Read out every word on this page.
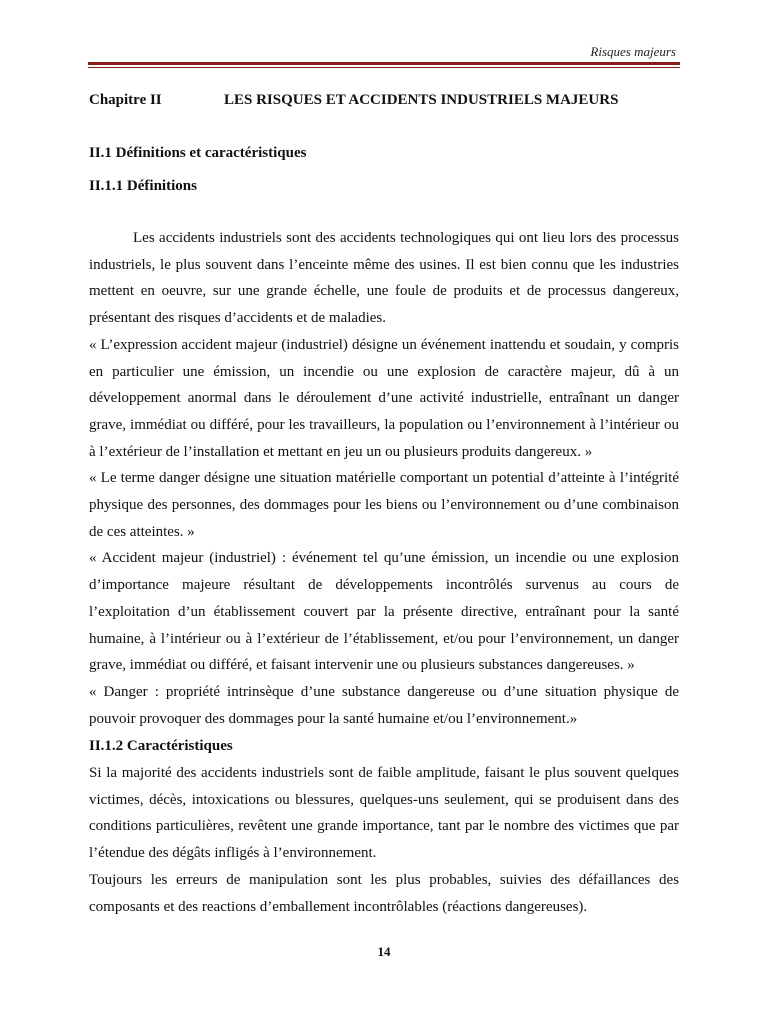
Risques majeurs
Chapitre II	LES RISQUES ET ACCIDENTS INDUSTRIELS MAJEURS
II.1 Définitions et caractéristiques
II.1.1 Définitions

Les accidents industriels sont des accidents technologiques qui ont lieu lors des processus industriels, le plus souvent dans l’enceinte même des usines. Il est bien connu que les industries mettent en oeuvre, sur une grande échelle, une foule de produits et de processus dangereux, présentant des risques d’accidents et de maladies.

« L’expression accident majeur (industriel) désigne un événement inattendu et soudain, y compris en particulier une émission, un incendie ou une explosion de caractère majeur, dû à un développement anormal dans le déroulement d’une activité industrielle, entraînant un danger grave, immédiat ou différé, pour les travailleurs, la population ou l’environnement à l’intérieur ou à l’extérieur de l’installation et mettant en jeu un ou plusieurs produits dangereux. »

« Le terme danger désigne une situation matérielle comportant un potential d’atteinte à l’intégrité physique des personnes, des dommages pour les biens ou l’environnement ou d’une combinaison de ces atteintes. »

« Accident majeur (industriel) : événement tel qu’une émission, un incendie ou une explosion d’importance majeure résultant de développements incontrôlés survenus au cours de l’exploitation d’un établissement couvert par la présente directive, entraînant pour la santé humaine, à l’intérieur ou à l’extérieur de l’établissement, et/ou pour l’environnement, un danger grave, immédiat ou différé, et faisant intervenir une ou plusieurs substances dangereuses. »

« Danger : propriété intrinsèque d’une substance dangereuse ou d’une situation physique de pouvoir provoquer des dommages pour la santé humaine et/ou l’environnement.»

II.1.2 Caractéristiques

Si la majorité des accidents industriels sont de faible amplitude, faisant le plus souvent quelques victimes, décès, intoxications ou blessures, quelques-uns seulement, qui se produisent dans des conditions particulières, revêtent une grande importance, tant par le nombre des victimes que par l’étendue des dégâts infligés à l’environnement.

Toujours les erreurs de manipulation sont les plus probables, suivies des défaillances des composants et des reactions d’emballement incontrôlables (réactions dangereuses).

14
